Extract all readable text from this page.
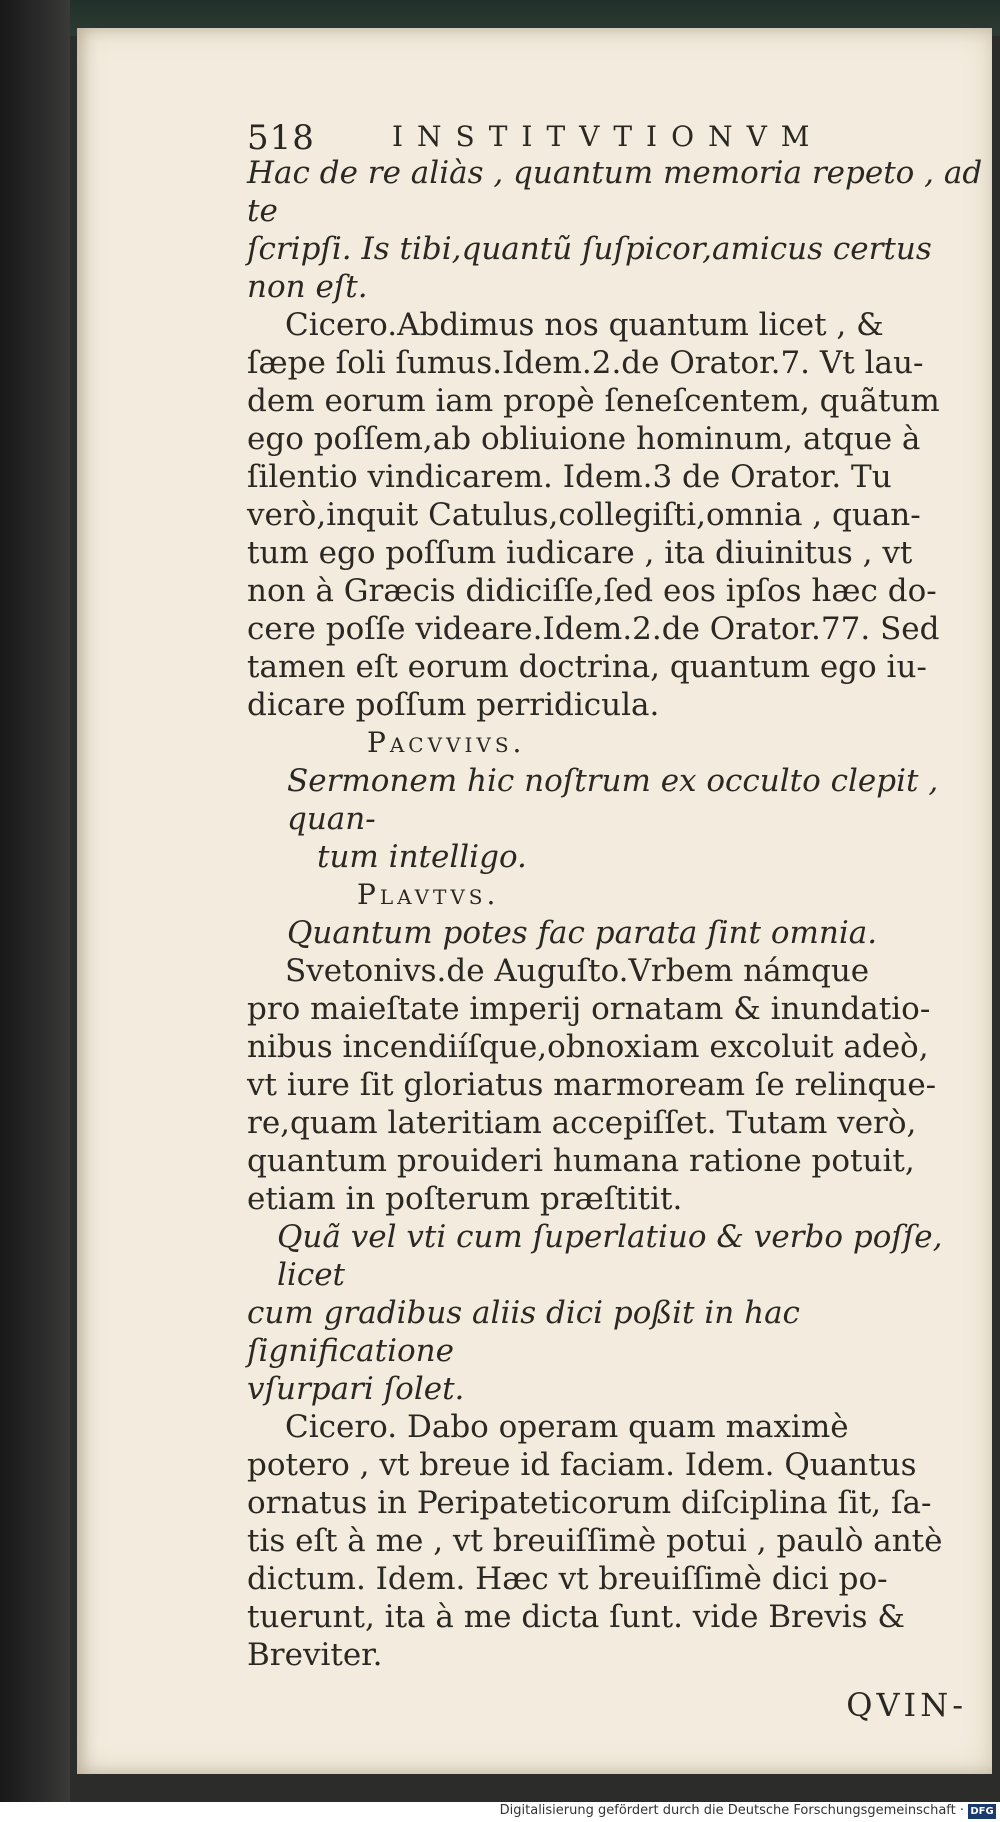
518	INSTITVTIONVM

Hac de re aliàs , quantum memoria repeto , ad te

ſcripſi. Is tibi,quantũ ſuſpicor,amicus certus non eſt.

Cicero.Abdimus nos quantum licet , &

ſæpe ſoli ſumus.Idem.2.de Orator.7. Vt lau-

dem eorum iam propè ſeneſcentem, quãtum

ego poſſem,ab obliuione hominum, atque à

ſilentio vindicarem. Idem.3 de Orator. Tu

verò,inquit Catulus,collegiſti,omnia , quan-

tum ego poſſum iudicare , ita diuinitus , vt

non à Græcis didiciſſe,ſed eos ipſos hæc do-

cere poſſe videare.Idem.2.de Orator.77. Sed

tamen eſt eorum doctrina, quantum ego iu-

dicare poſſum perridicula.

Pacvvivs.

Sermonem hic noſtrum ex occulto clepit , quan-

tum intelligo.

Plavtvs.

Quantum potes fac parata ſint omnia.

Svetonivs.de Auguſto.Vrbem námque

pro maieſtate imperij ornatam & inundatio-

nibus incendiíſque,obnoxiam excoluit adeò,

vt iure ſit gloriatus marmoream ſe relinque-

re,quam lateritiam accepiſſet. Tutam verò,

quantum prouideri humana ratione potuit,

etiam in poſterum præſtitit.

Quã vel vti cum ſuperlatiuo & verbo poſſe, licet

cum gradibus aliis dici poßit in hac ſignificatione

vſurpari ſolet.

Cicero. Dabo operam quam maximè

potero , vt breue id faciam. Idem. Quantus

ornatus in Peripateticorum diſciplina ſit, ſa-

tis eſt à me , vt breuiſſimè potui , paulò antè

dictum. Idem. Hæc vt breuiſſimè dici po-

tuerunt, ita à me dicta ſunt. vide Brevis &

Breviter.

QVIN-
Digitalisierung gefördert durch die Deutsche Forschungsgemeinschaft · DFG
